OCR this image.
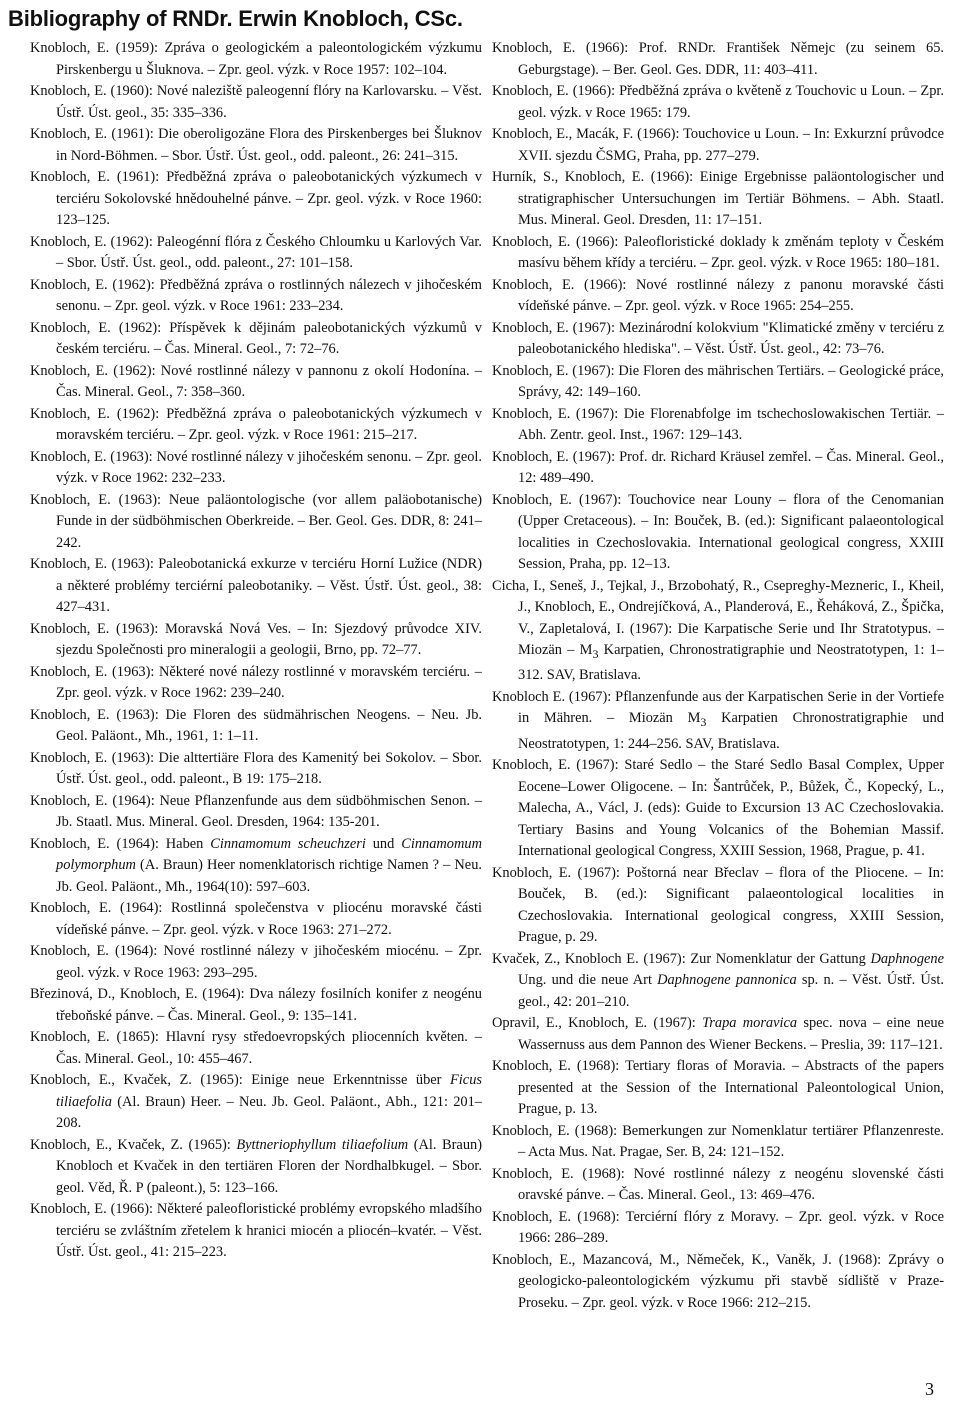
Bibliography of RNDr. Erwin Knobloch, CSc.

Knobloch, E. (1959): Zpráva o geologickém a paleontologickém výzkumu Pirskenbergu u Šluknova. – Zpr. geol. výzk. v Roce 1957: 102–104.

Knobloch, E. (1960): Nové naleziště paleogenní flóry na Karlovarsku. – Věst. Ústř. Úst. geol., 35: 335–336.

Knobloch, E. (1961): Die oberoligozäne Flora des Pirskenberges bei Šluknov in Nord-Böhmen. – Sbor. Ústř. Úst. geol., odd. paleont., 26: 241–315.

Knobloch, E. (1961): Předběžná zpráva o paleobotanických výzkumech v terciéru Sokolovské hnědouhelné pánve. – Zpr. geol. výzk. v Roce 1960: 123–125.

Knobloch, E. (1962): Paleogénní flóra z Českého Chloumku u Karlových Var. – Sbor. Ústř. Úst. geol., odd. paleont., 27: 101–158.

Knobloch, E. (1962): Předběžná zpráva o rostlinných nálezech v jihočeském senonu. – Zpr. geol. výzk. v Roce 1961: 233–234.

Knobloch, E. (1962): Příspěvek k dějinám paleobotanických výzkumů v českém terciéru. – Čas. Mineral. Geol., 7: 72–76.

Knobloch, E. (1962): Nové rostlinné nálezy v pannonu z okolí Hodonína. – Čas. Mineral. Geol., 7: 358–360.

Knobloch, E. (1962): Předběžná zpráva o paleobotanických výzkumech v moravském terciéru. – Zpr. geol. výzk. v Roce 1961: 215–217.

Knobloch, E. (1963): Nové rostlinné nálezy v jihočeském senonu. – Zpr. geol. výzk. v Roce 1962: 232–233.

Knobloch, E. (1963): Neue paläontologische (vor allem paläobotanische) Funde in der südböhmischen Oberkreide. – Ber. Geol. Ges. DDR, 8: 241–242.

Knobloch, E. (1963): Paleobotanická exkurze v terciéru Horní Lužice (NDR) a některé problémy terciérní paleobotaniky. – Věst. Ústř. Úst. geol., 38: 427–431.

Knobloch, E. (1963): Moravská Nová Ves. – In: Sjezdový průvodce XIV. sjezdu Společnosti pro mineralogii a geologii, Brno, pp. 72–77.

Knobloch, E. (1963): Některé nové nálezy rostlinné v moravském terciéru. – Zpr. geol. výzk. v Roce 1962: 239–240.

Knobloch, E. (1963): Die Floren des südmährischen Neogens. – Neu. Jb. Geol. Paläont., Mh., 1961, 1: 1–11.

Knobloch, E. (1963): Die alttertiäre Flora des Kamenitý bei Sokolov. – Sbor. Ústř. Úst. geol., odd. paleont., B 19: 175–218.

Knobloch, E. (1964): Neue Pflanzenfunde aus dem südböhmischen Senon. – Jb. Staatl. Mus. Mineral. Geol. Dresden, 1964: 135-201.

Knobloch, E. (1964): Haben Cinnamomum scheuchzeri und Cinnamomum polymorphum (A. Braun) Heer nomenklatorisch richtige Namen ? – Neu. Jb. Geol. Paläont., Mh., 1964(10): 597–603.

Knobloch, E. (1964): Rostlinná společenstva v pliocénu moravské části vídeňské pánve. – Zpr. geol. výzk. v Roce 1963: 271–272.

Knobloch, E. (1964): Nové rostlinné nálezy v jihočeském miocénu. – Zpr. geol. výzk. v Roce 1963: 293–295.

Březinová, D., Knobloch, E. (1964): Dva nálezy fosilních konifer z neogénu třeboňské pánve. – Čas. Mineral. Geol., 9: 135–141.

Knobloch, E. (1865): Hlavní rysy středoevropských pliocenních květen. – Čas. Mineral. Geol., 10: 455–467.

Knobloch, E., Kvaček, Z. (1965): Einige neue Erkenntnisse über Ficus tiliaefolia (Al. Braun) Heer. – Neu. Jb. Geol. Paläont., Abh., 121: 201–208.

Knobloch, E., Kvaček, Z. (1965): Byttneriophyllum tiliaefolium (Al. Braun) Knobloch et Kvaček in den tertiären Floren der Nordhalbkugel. – Sbor. geol. Věd, Ř. P (paleont.), 5: 123–166.

Knobloch, E. (1966): Některé paleofloristické problémy evropského mladšího terciéru se zvláštním zřetelem k hranici miocén a pliocén–kvatér. – Věst. Ústř. Úst. geol., 41: 215–223.

Knobloch, E. (1966): Prof. RNDr. František Němejc (zu seinem 65. Geburgstage). – Ber. Geol. Ges. DDR, 11: 403–411.

Knobloch, E. (1966): Předběžná zpráva o květeně z Touchovic u Loun. – Zpr. geol. výzk. v Roce 1965: 179.

Knobloch, E., Macák, F. (1966): Touchovice u Loun. – In: Exkurzní průvodce XVII. sjezdu ČSMG, Praha, pp. 277–279.

Hurník, S., Knobloch, E. (1966): Einige Ergebnisse paläontologischer und stratigraphischer Untersuchungen im Tertiär Böhmens. – Abh. Staatl. Mus. Mineral. Geol. Dresden, 11: 17–151.

Knobloch, E. (1966): Paleofloristické doklady k změnám teploty v Českém masívu během křídy a terciéru. – Zpr. geol. výzk. v Roce 1965: 180–181.

Knobloch, E. (1966): Nové rostlinné nálezy z panonu moravské části vídeňské pánve. – Zpr. geol. výzk. v Roce 1965: 254–255.

Knobloch, E. (1967): Mezinárodní kolokvium "Klimatické změny v terciéru z paleobotanického hlediska". – Věst. Ústř. Úst. geol., 42: 73–76.

Knobloch, E. (1967): Die Floren des mährischen Tertiärs. – Geologické práce, Správy, 42: 149–160.

Knobloch, E. (1967): Die Florenabfolge im tschechoslowakischen Tertiär. – Abh. Zentr. geol. Inst., 1967: 129–143.

Knobloch, E. (1967): Prof. dr. Richard Kräusel zemřel. – Čas. Mineral. Geol., 12: 489–490.

Knobloch, E. (1967): Touchovice near Louny – flora of the Cenomanian (Upper Cretaceous). – In: Bouček, B. (ed.): Significant palaeontological localities in Czechoslovakia. International geological congress, XXIII Session, Praha, pp. 12–13.

Cicha, I., Seneš, J., Tejkal, J., Brzobohatý, R., Csepreghy-Mezneric, I., Kheil, J., Knobloch, E., Ondrejíčková, A., Planderová, E., Řeháková, Z., Špička, V., Zapletalová, I. (1967): Die Karpatische Serie und Ihr Stratotypus. – Miozän – $M_3$ Karpatien, Chronostratigraphie und Neostratotypen, 1: 1–312. SAV, Bratislava.

Knobloch E. (1967): Pflanzenfunde aus der Karpatischen Serie in der Vortiefe in Mähren. – Miozän $M_3$ Karpatien Chronostratigraphie und Neostratotypen, 1: 244–256. SAV, Bratislava.

Knobloch, E. (1967): Staré Sedlo – the Staré Sedlo Basal Complex, Upper Eocene–Lower Oligocene. – In: Šantrůček, P., Bůžek, Č., Kopecký, L., Malecha, A., Václ, J. (eds): Guide to Excursion 13 AC Czechoslovakia. Tertiary Basins and Young Volcanics of the Bohemian Massif. International geological Congress, XXIII Session, 1968, Prague, p. 41.

Knobloch, E. (1967): Poštorná near Břeclav – flora of the Pliocene. – In: Bouček, B. (ed.): Significant palaeontological localities in Czechoslovakia. International geological congress, XXIII Session, Prague, p. 29.

Kvaček, Z., Knobloch E. (1967): Zur Nomenklatur der Gattung Daphnogene Ung. und die neue Art Daphnogene pannonica sp. n. – Věst. Ústř. Úst. geol., 42: 201–210.

Opravil, E., Knobloch, E. (1967): Trapa moravica spec. nova – eine neue Wassernuss aus dem Pannon des Wiener Beckens. – Preslia, 39: 117–121.

Knobloch, E. (1968): Tertiary floras of Moravia. – Abstracts of the papers presented at the Session of the International Paleontological Union, Prague, p. 13.

Knobloch, E. (1968): Bemerkungen zur Nomenklatur tertiärer Pflanzenreste. – Acta Mus. Nat. Pragae, Ser. B, 24: 121–152.

Knobloch, E. (1968): Nové rostlinné nálezy z neogénu slovenské části oravské pánve. – Čas. Mineral. Geol., 13: 469–476.

Knobloch, E. (1968): Terciérní flóry z Moravy. – Zpr. geol. výzk. v Roce 1966: 286–289.

Knobloch, E., Mazancová, M., Němeček, K., Vaněk, J. (1968): Zprávy o geologicko-paleontologickém výzkumu při stavbě sídliště v Praze-Proseku. – Zpr. geol. výzk. v Roce 1966: 212–215.

3
